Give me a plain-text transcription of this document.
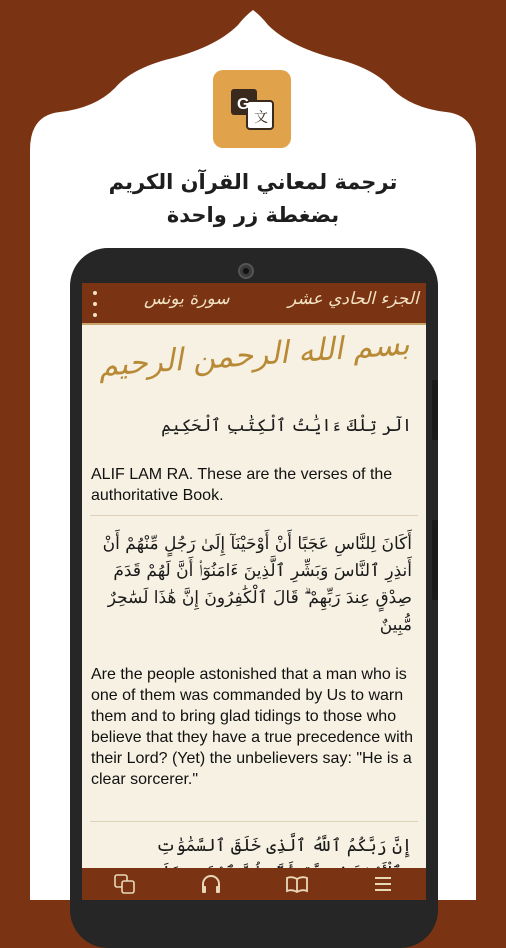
G
文
ترجمة لمعاني القرآن الكريم
بضغطة زر واحدة
سورة يونس	الجزء الحادي عشر
بسم الله الرحمن الرحيم
الٓر تِلْكَ ءَايَٰتُ ٱلْكِتَٰبِ ٱلْحَكِيمِ
ALIF LAM RA. These are the verses of the authoritative Book.
أَكَانَ لِلنَّاسِ عَجَبًا أَنْ أَوْحَيْنَآ إِلَىٰ رَجُلٍ مِّنْهُمْ أَنْ أَنذِرِ ٱلنَّاسَ وَبَشِّرِ ٱلَّذِينَ ءَامَنُوٓا۟ أَنَّ لَهُمْ قَدَمَ صِدْقٍ عِندَ رَبِّهِمْ ۗ قَالَ ٱلْكَٰفِرُونَ إِنَّ هَٰذَا لَسَٰحِرٌ مُّبِينٌ
Are the people astonished that a man who is one of them was commanded by Us to warn them and to bring glad tidings to those who believe that they have a true precedence with their Lord? (Yet) the unbelievers say: "He is a clear sorcerer."
إِنَّ رَبَّكُمُ ٱللَّهُ ٱلَّذِى خَلَقَ ٱلسَّمَٰوَٰتِ
